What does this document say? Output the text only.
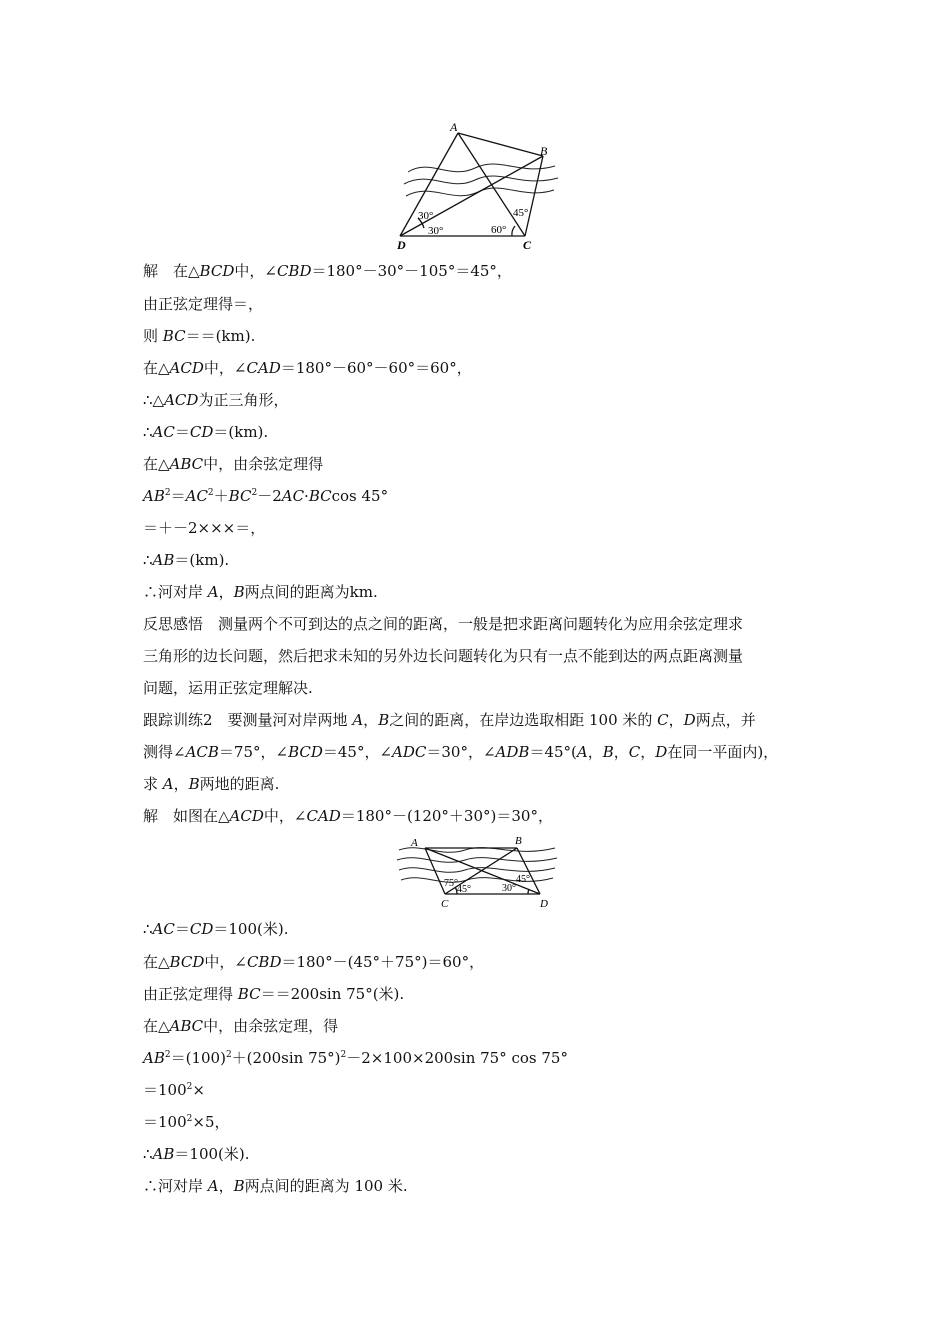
A
B
C
D
30°
30°	60°
45°
解　在△BCD中，∠CBD＝180°－30°－105°＝45°，
由正弦定理得＝，
则 BC＝＝(km).
在△ACD中，∠CAD＝180°－60°－60°＝60°，
∴△ACD为正三角形，
∴AC＝CD＝(km).
在△ABC中，由余弦定理得
$AB^2=AC^2+BC^2-2AC\cdot BCcos$ 45°
＝＋－2×××＝，
∴AB＝(km).
∴河对岸 A，B两点间的距离为km.
反思感悟　测量两个不可到达的点之间的距离，一般是把求距离问题转化为应用余弦定理求
三角形的边长问题，然后把求未知的另外边长问题转化为只有一点不能到达的两点距离测量
问题，运用正弦定理解决.
跟踪训练2　要测量河对岸两地 A，B之间的距离，在岸边选取相距 100 米的 C，D两点，并
测得∠ACB＝75°，∠BCD＝45°，∠ADC＝30°，∠ADB＝45°(A，B，C，D在同一平面内)，
求 A，B两地的距离.
解　如图在△ACD中，∠CAD＝180°－(120°＋30°)＝30°，
A	B
C	D
75°
45°
45°
30°
∴AC＝CD＝100(米).
在△BCD中，∠CBD＝180°－(45°＋75°)＝60°，
由正弦定理得 BC＝＝200sin 75°(米).
在△ABC中，由余弦定理，得
$AB^2=(100)^2+(200\sin$ 75°)$^2$－2×100×200sin 75° cos 75°
$=100^2\times$
$=100^2\times 5$，
∴AB＝100(米).
∴河对岸 A，B两点间的距离为 100 米.
